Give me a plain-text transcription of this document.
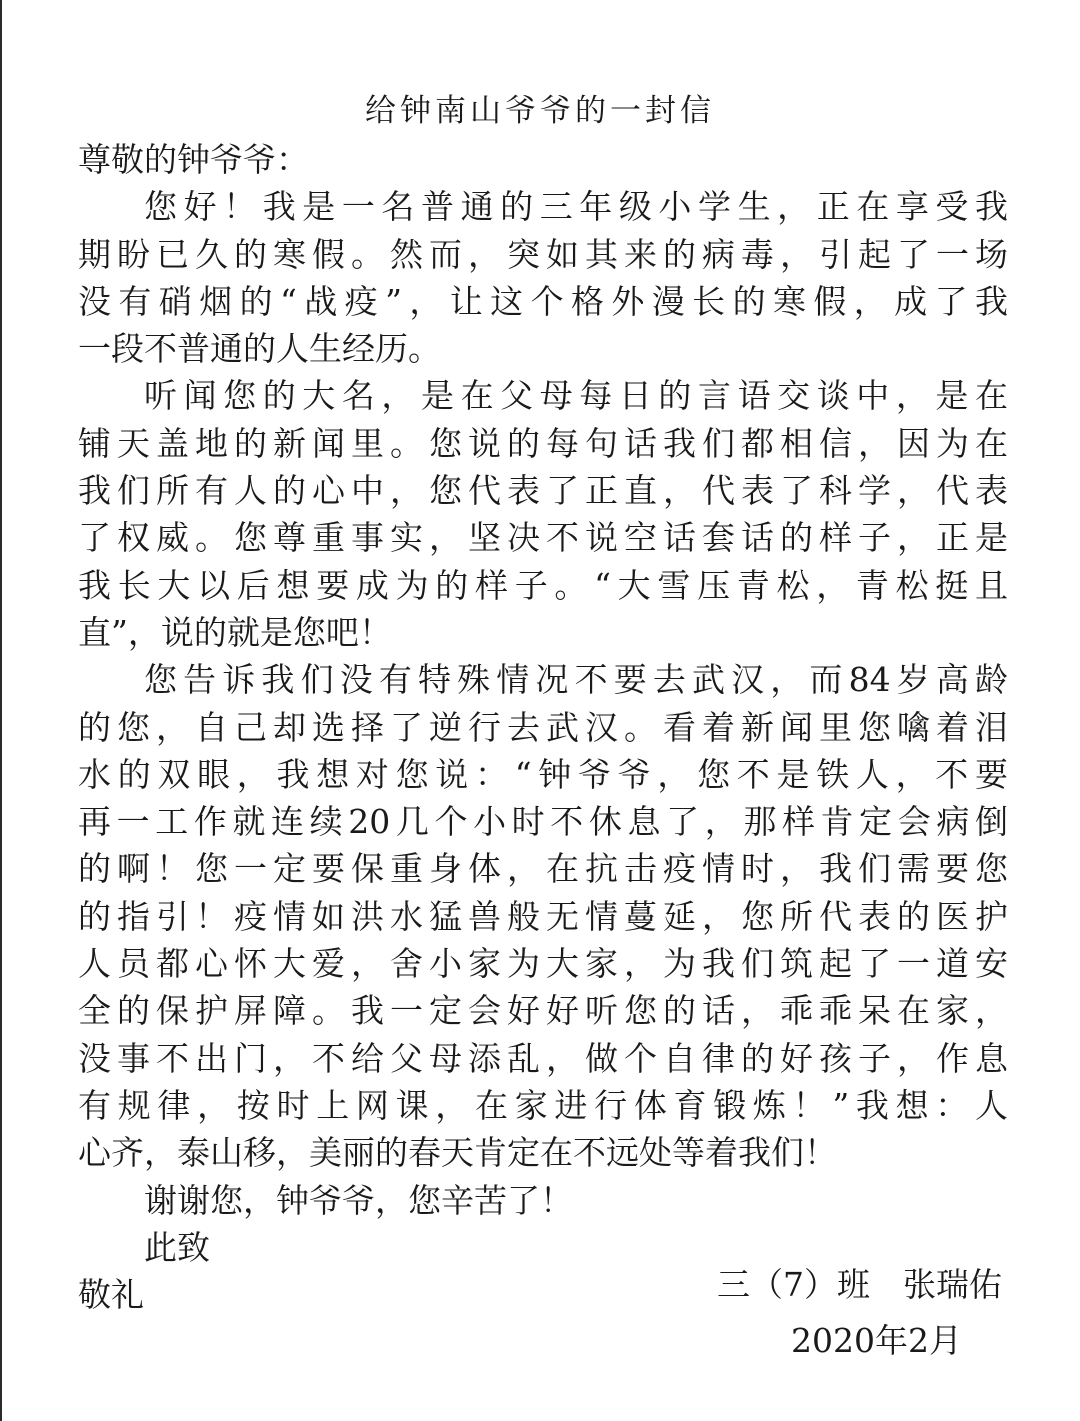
给钟南山爷爷的一封信
尊敬的钟爷爷：
您好！我是一名普通的三年级小学生，正在享受我
期盼已久的寒假。然而，突如其来的病毒，引起了一场
没有硝烟的“战疫”，让这个格外漫长的寒假，成了我
一段不普通的人生经历。
听闻您的大名，是在父母每日的言语交谈中，是在
铺天盖地的新闻里。您说的每句话我们都相信，因为在
我们所有人的心中，您代表了正直，代表了科学，代表
了权威。您尊重事实，坚决不说空话套话的样子，正是
我长大以后想要成为的样子。“大雪压青松，青松挺且
直”，说的就是您吧！
您告诉我们没有特殊情况不要去武汉，而84岁高龄
的您，自己却选择了逆行去武汉。看着新闻里您噙着泪
水的双眼，我想对您说：“钟爷爷，您不是铁人，不要
再一工作就连续20几个小时不休息了，那样肯定会病倒
的啊！您一定要保重身体，在抗击疫情时，我们需要您
的指引！疫情如洪水猛兽般无情蔓延，您所代表的医护
人员都心怀大爱，舍小家为大家，为我们筑起了一道安
全的保护屏障。我一定会好好听您的话，乖乖呆在家，
没事不出门，不给父母添乱，做个自律的好孩子，作息
有规律，按时上网课，在家进行体育锻炼！”我想：人
心齐，泰山移，美丽的春天肯定在不远处等着我们！
谢谢您，钟爷爷，您辛苦了！
此致
敬礼	三（7）班　张瑞佑
2020年2月
